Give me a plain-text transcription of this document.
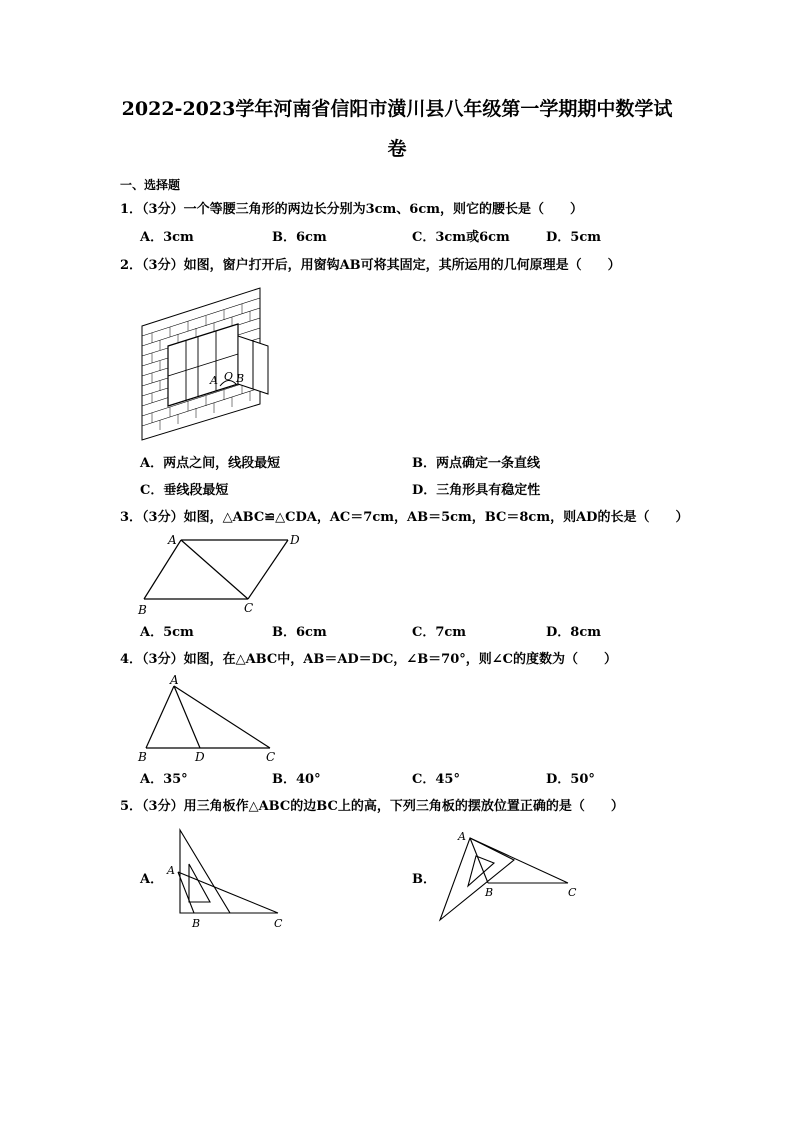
2022-2023学年河南省信阳市潢川县八年级第一学期期中数学试
卷
一、选择题
1．（3分）一个等腰三角形的两边长分别为3cm、6cm，则它的腰长是（　　）
A．3cm	B．6cm	C．3cm或6cm	D．5cm
2．（3分）如图，窗户打开后，用窗钩AB可将其固定，其所运用的几何原理是（　　）
A O B
A．两点之间，线段最短	B．两点确定一条直线
C．垂线段最短	D．三角形具有稳定性
3．（3分）如图，△ABC≌△CDA，AC＝7cm，AB＝5cm，BC＝8cm，则AD的长是（　　）
A	D
B	C
A．5cm	B．6cm	C．7cm	D．8cm
4．（3分）如图，在△ABC中，AB＝AD＝DC，∠B＝70°，则∠C的度数为（　　）
A
B	D	C
A．35°	B．40°	C．45°	D．50°
5．（3分）用三角板作△ABC的边BC上的高，下列三角板的摆放位置正确的是（　　）
A．
A
B	C
B．
A
B	C
